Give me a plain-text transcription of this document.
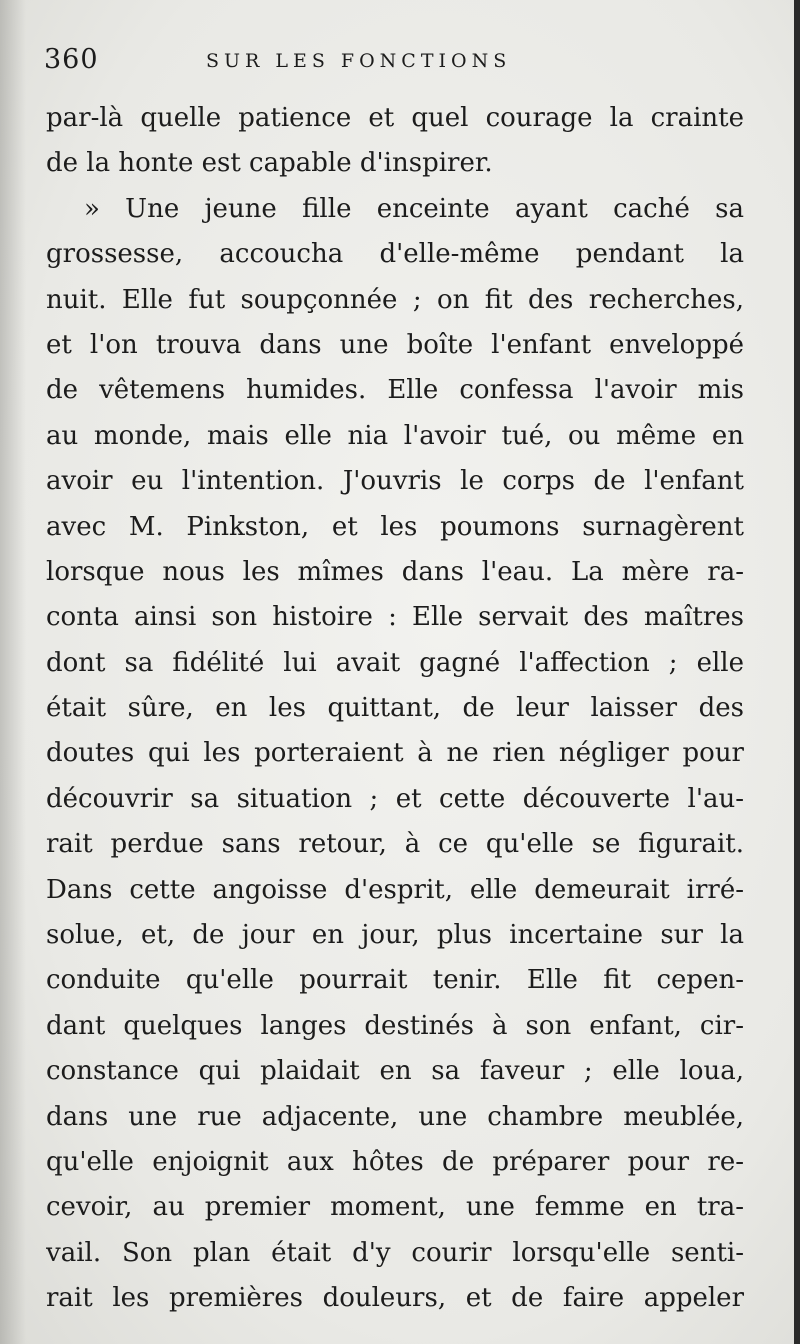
360	SUR LES FONCTIONS
par-là quelle patience et quel courage la crainte
de la honte est capable d'inspirer.
» Une jeune fille enceinte ayant caché sa
grossesse, accoucha d'elle-même pendant la
nuit. Elle fut soupçonnée ; on fit des recherches,
et l'on trouva dans une boîte l'enfant enveloppé
de vêtemens humides. Elle confessa l'avoir mis
au monde, mais elle nia l'avoir tué, ou même en
avoir eu l'intention. J'ouvris le corps de l'enfant
avec M. Pinkston, et les poumons surnagèrent
lorsque nous les mîmes dans l'eau. La mère ra-
conta ainsi son histoire : Elle servait des maîtres
dont sa fidélité lui avait gagné l'affection ; elle
était sûre, en les quittant, de leur laisser des
doutes qui les porteraient à ne rien négliger pour
découvrir sa situation ; et cette découverte l'au-
rait perdue sans retour, à ce qu'elle se figurait.
Dans cette angoisse d'esprit, elle demeurait irré-
solue, et, de jour en jour, plus incertaine sur la
conduite qu'elle pourrait tenir. Elle fit cepen-
dant quelques langes destinés à son enfant, cir-
constance qui plaidait en sa faveur ; elle loua,
dans une rue adjacente, une chambre meublée,
qu'elle enjoignit aux hôtes de préparer pour re-
cevoir, au premier moment, une femme en tra-
vail. Son plan était d'y courir lorsqu'elle senti-
rait les premières douleurs, et de faire appeler
